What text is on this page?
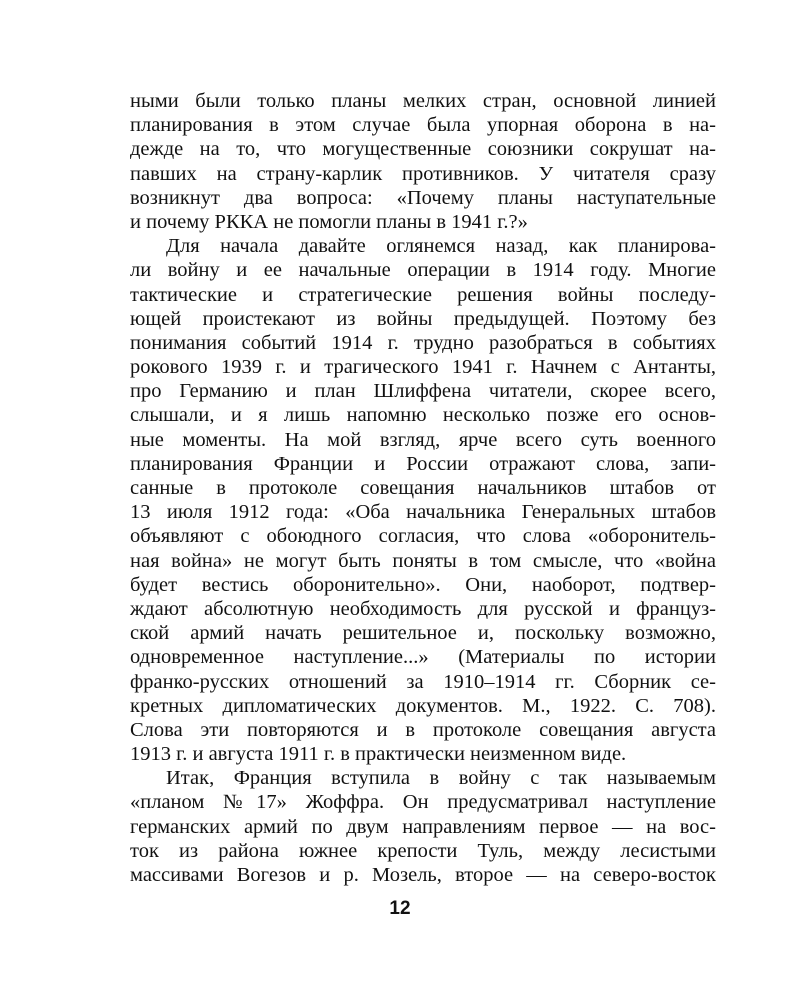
ными были только планы мелких стран, основной линией
планирования в этом случае была упорная оборона в на-
дежде на то, что могущественные союзники сокрушат на-
павших на страну-карлик противников. У читателя сразу
возникнут два вопроса: «Почему планы наступательные
и почему РККА не помогли планы в 1941 г.?»
Для начала давайте оглянемся назад, как планирова-
ли войну и ее начальные операции в 1914 году. Многие
тактические и стратегические решения войны последу-
ющей проистекают из войны предыдущей. Поэтому без
понимания событий 1914 г. трудно разобраться в событиях
рокового 1939 г. и трагического 1941 г. Начнем с Антанты,
про Германию и план Шлиффена читатели, скорее всего,
слышали, и я лишь напомню несколько позже его основ-
ные моменты. На мой взгляд, ярче всего суть военного
планирования Франции и России отражают слова, запи-
санные в протоколе совещания начальников штабов от
13 июля 1912 года: «Оба начальника Генеральных штабов
объявляют с обоюдного согласия, что слова «оборонитель-
ная война» не могут быть поняты в том смысле, что «война
будет вестись оборонительно». Они, наоборот, подтвер-
ждают абсолютную необходимость для русской и француз-
ской армий начать решительное и, поскольку возможно,
одновременное наступление...» (Материалы по истории
франко-русских отношений за 1910–1914 гг. Сборник се-
кретных дипломатических документов. М., 1922. С. 708).
Слова эти повторяются и в протоколе совещания августа
1913 г. и августа 1911 г. в практически неизменном виде.
Итак, Франция вступила в войну с так называемым
«планом №17» Жоффра. Он предусматривал наступление
германских армий по двум направлениям первое — на вос-
ток из района южнее крепости Туль, между лесистыми
массивами Вогезов и р. Мозель, второе — на северо-восток
12
